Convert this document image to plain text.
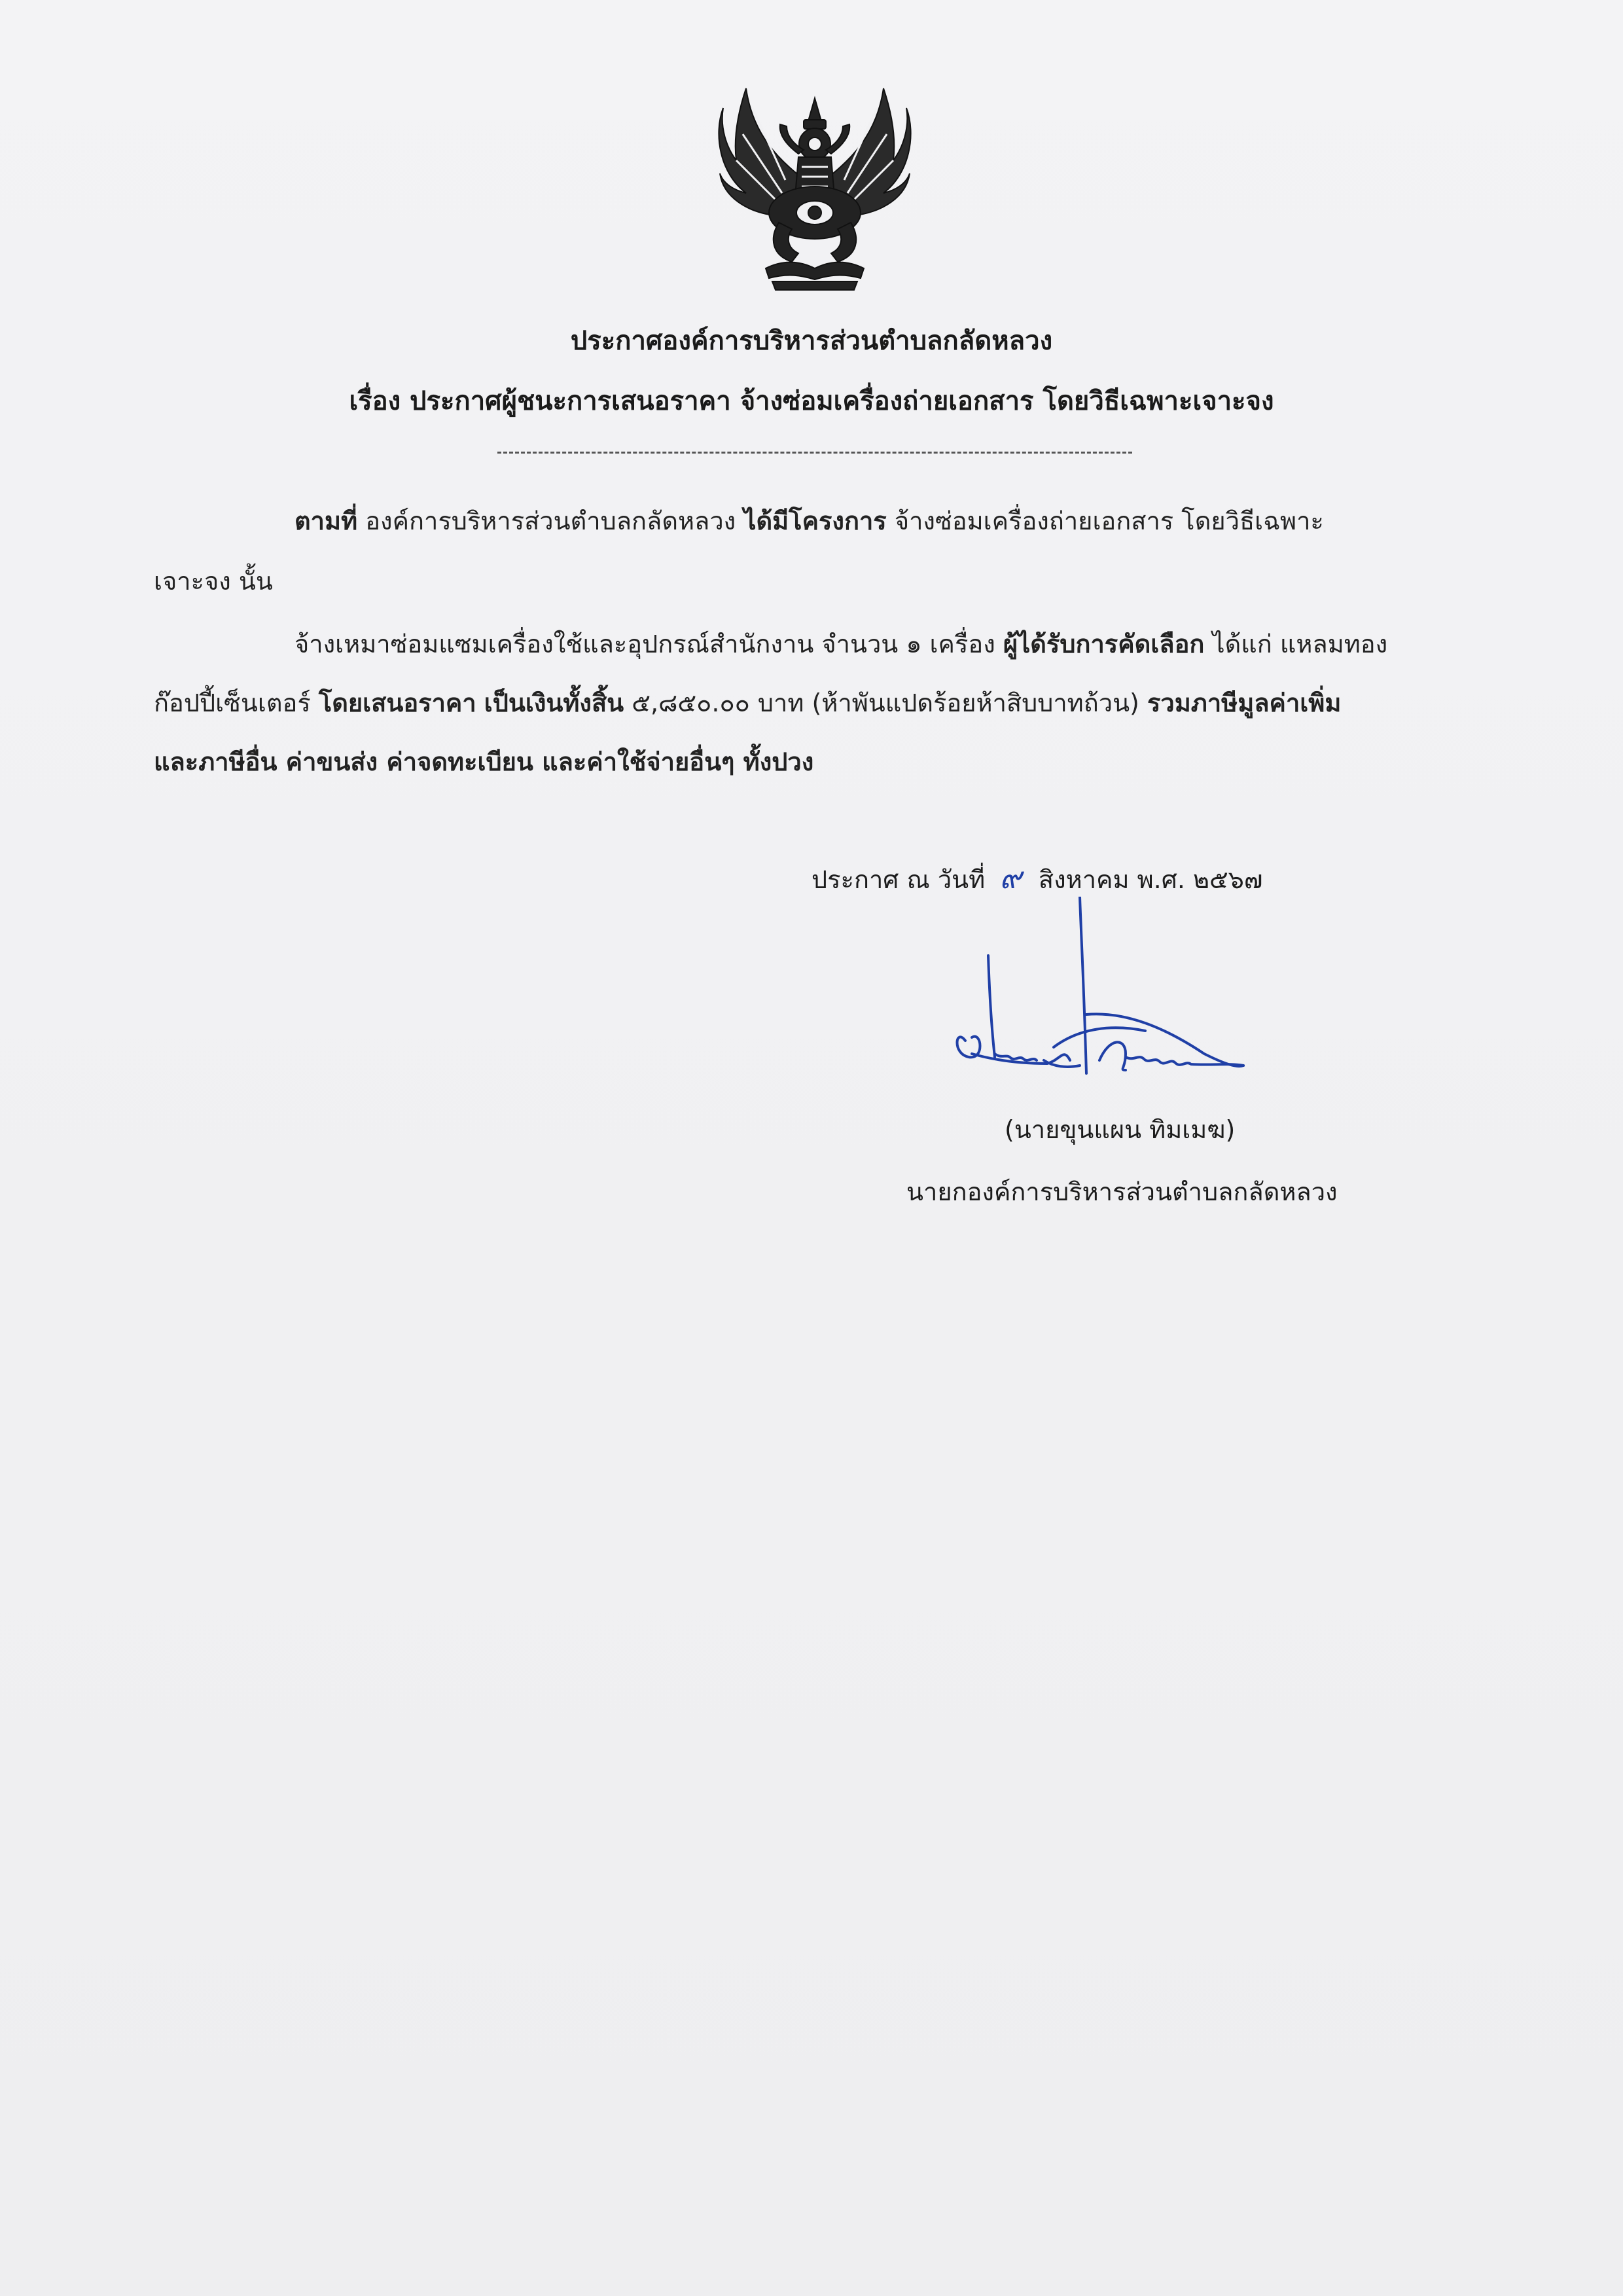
ประกาศองค์การบริหารส่วนตำบลกลัดหลวง
เรื่อง ประกาศผู้ชนะการเสนอราคา จ้างซ่อมเครื่องถ่ายเอกสาร โดยวิธีเฉพาะเจาะจง
ตามที่ องค์การบริหารส่วนตำบลกลัดหลวง ได้มีโครงการ จ้างซ่อมเครื่องถ่ายเอกสาร โดยวิธีเฉพาะ
เจาะจง นั้น
จ้างเหมาซ่อมแซมเครื่องใช้และอุปกรณ์สำนักงาน จำนวน ๑ เครื่อง ผู้ได้รับการคัดเลือก ได้แก่ แหลมทอง
ก๊อปปี้เซ็นเตอร์ โดยเสนอราคา เป็นเงินทั้งสิ้น ๕,๘๕๐.๐๐ บาท (ห้าพันแปดร้อยห้าสิบบาทถ้วน) รวมภาษีมูลค่าเพิ่ม
และภาษีอื่น ค่าขนส่ง ค่าจดทะเบียน และค่าใช้จ่ายอื่นๆ ทั้งปวง
ประกาศ ณ วันที่ ๙ สิงหาคม พ.ศ. ๒๕๖๗
(นายขุนแผน ทิมเมฆ)
นายกองค์การบริหารส่วนตำบลกลัดหลวง
